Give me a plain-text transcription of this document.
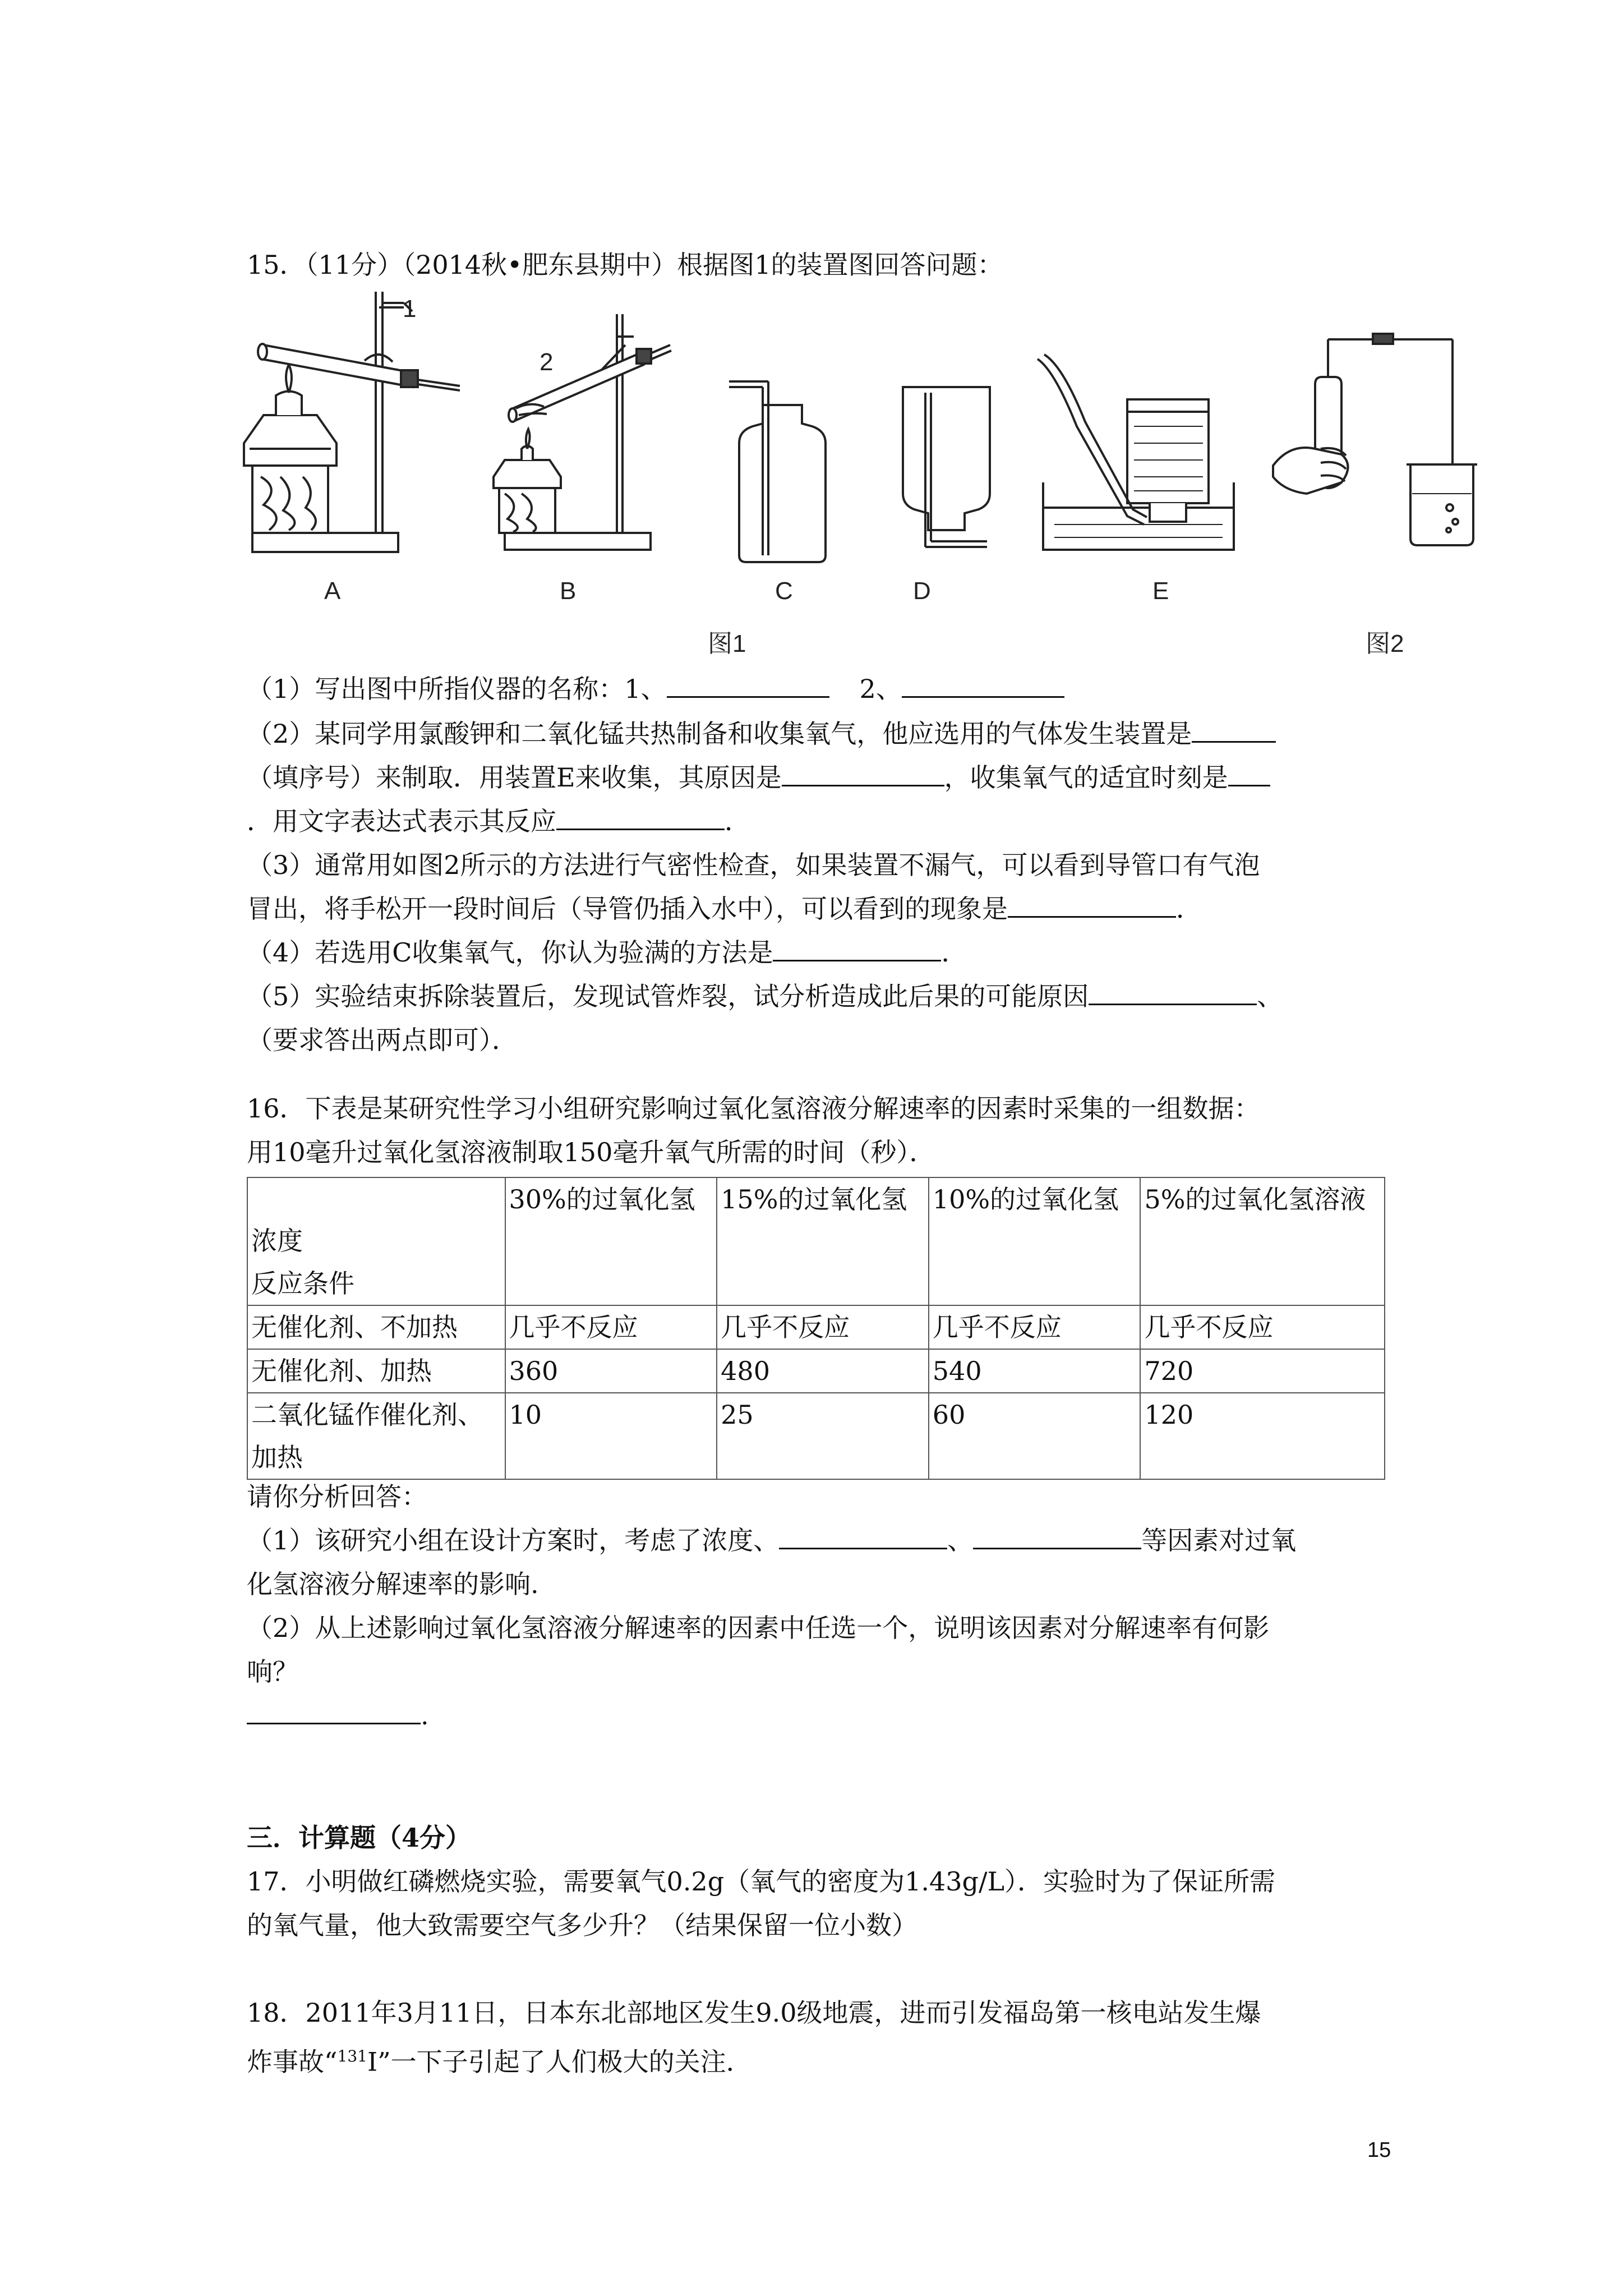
15．（11分）（2014秋•肥东县期中）根据图1的装置图回答问题：
1
2
A	B	C	D	E
图1	图2
（1）写出图中所指仪器的名称：1、	2、
（2）某同学用氯酸钾和二氧化锰共热制备和收集氧气，他应选用的气体发生装置是
（填序号）来制取．用装置E来收集，其原因是	，收集氧气的适宜时刻是
．用文字表达式表示其反应	．
（3）通常用如图2所示的方法进行气密性检查，如果装置不漏气，可以看到导管口有气泡
冒出，将手松开一段时间后（导管仍插入水中），可以看到的现象是	．
（4）若选用C收集氧气，你认为验满的方法是	．
（5）实验结束拆除装置后，发现试管炸裂，试分析造成此后果的可能原因	、
（要求答出两点即可）．
16．下表是某研究性学习小组研究影响过氧化氢溶液分解速率的因素时采集的一组数据：
用10毫升过氧化氢溶液制取150毫升氧气所需的时间（秒）．
浓度
反应条件	30%的过氧化氢	15%的过氧化氢	10%的过氧化氢	5%的过氧化氢溶液
无催化剂、不加热	几乎不反应	几乎不反应	几乎不反应	几乎不反应
无催化剂、加热	360	480	540	720

二氧化锰作催化剂、
加热	10	25	60	120
请你分析回答：
（1）该研究小组在设计方案时，考虑了浓度、	、	等因素对过氧
化氢溶液分解速率的影响.
（2）从上述影响过氧化氢溶液分解速率的因素中任选一个，说明该因素对分解速率有何影
响？
.
三．计算题（4分）
17．小明做红磷燃烧实验，需要氧气0.2g（氧气的密度为1.43g/L）．实验时为了保证所需
的氧气量，他大致需要空气多少升？（结果保留一位小数）
18．2011年3月11日，日本东北部地区发生9.0级地震，进而引发福岛第一核电站发生爆
炸事故“$^{131}$I”一下子引起了人们极大的关注．
15
